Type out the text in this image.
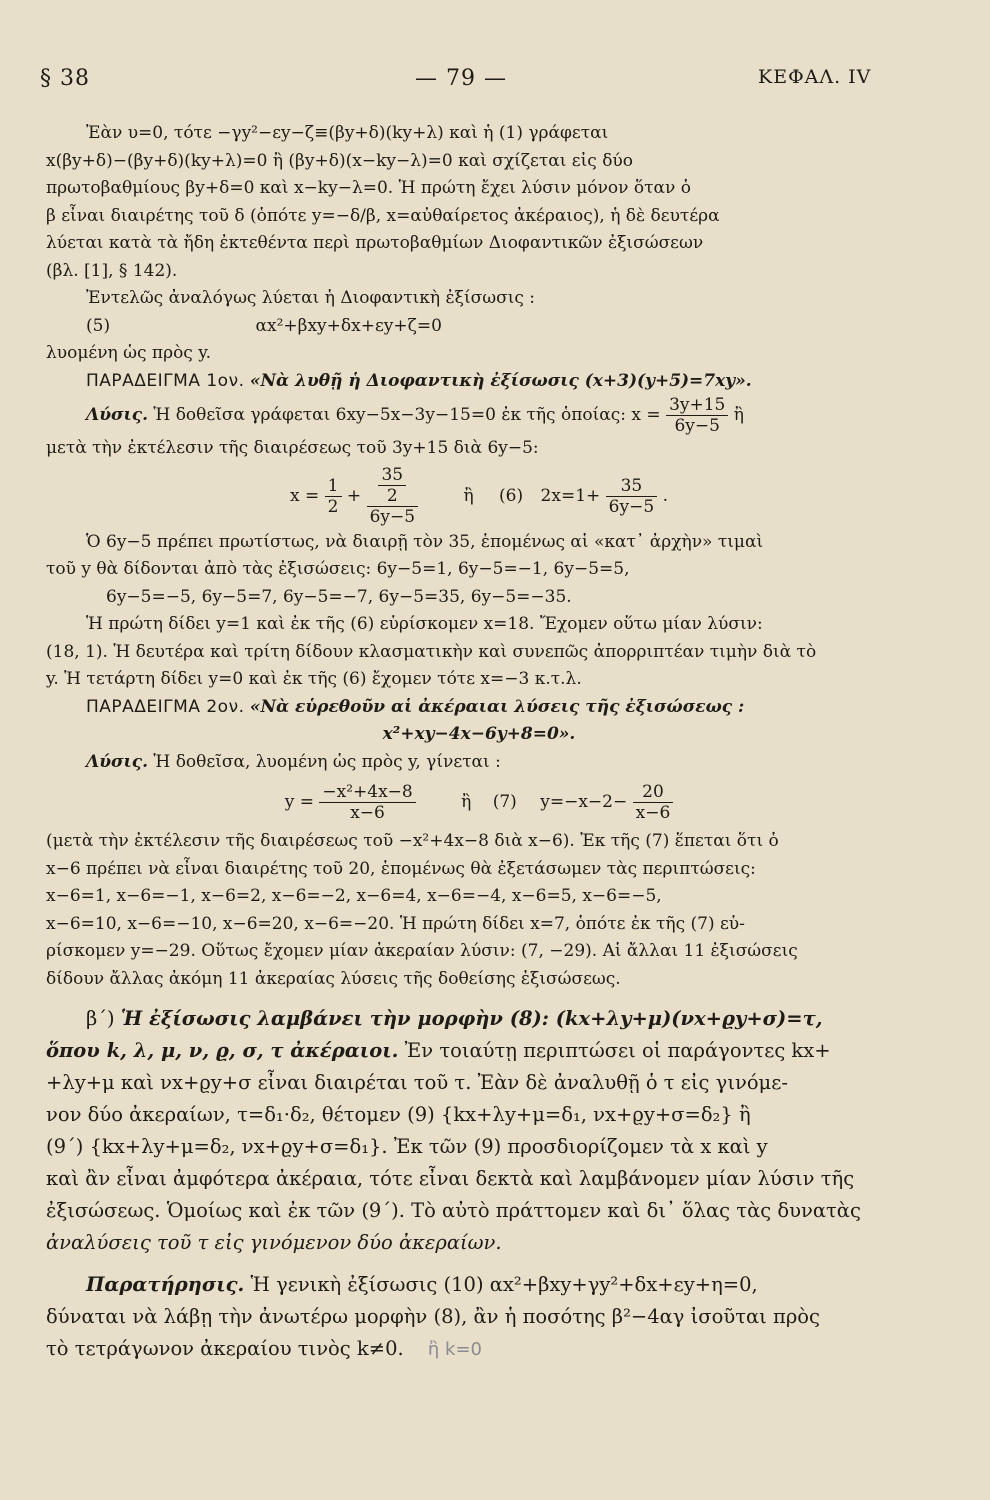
§ 38	— 79 —	ΚΕΦΑΛ. IV
Ἐὰν υ=0, τότε −γy²−εy−ζ≡(βy+δ)(ky+λ) καὶ ἡ (1) γράφεται
x(βy+δ)−(βy+δ)(ky+λ)=0 ἢ (βy+δ)(x−ky−λ)=0 καὶ σχίζεται εἰς δύο
πρωτοβαθμίους βy+δ=0 καὶ x−ky−λ=0. Ἡ πρώτη ἔχει λύσιν μόνον ὅταν ὁ
β εἶναι διαιρέτης τοῦ δ (ὁπότε y=−δ/β, x=αὐθαίρετος ἀκέραιος), ἡ δὲ δευτέρα
λύεται κατὰ τὰ ἤδη ἐκτεθέντα περὶ πρωτοβαθμίων Διοφαντικῶν ἐξισώσεων
(βλ. [1], § 142).
Ἐντελῶς ἀναλόγως λύεται ἡ Διοφαντικὴ ἐξίσωσις :
(5)	αx²+βxy+δx+εy+ζ=0
λυομένη ὡς πρὸς y.
ΠΑΡΑΔΕΙΓΜΑ 1ον. «Νὰ λυθῇ ἡ Διοφαντικὴ ἐξίσωσις (x+3)(y+5)=7xy».
Λύσις. Ἡ δοθεῖσα γράφεται 6xy−5x−3y−15=0 ἐκ τῆς ὁποίας: $x = \frac{3y+15}{6y-5}$ ἢ
μετὰ τὴν ἐκτέλεσιν τῆς διαιρέσεως τοῦ 3y+15 διὰ 6y−5:
$x = \frac{1}{2} + \frac{\frac{35}{2}}{6y-5}$	ἢ (6) $2x=1+ \frac{35}{6y-5}$ .
Ὁ 6y−5 πρέπει πρωτίστως, νὰ διαιρῇ τὸν 35, ἑπομένως αἱ «κατ᾿ ἀρχὴν» τιμαὶ
τοῦ y θὰ δίδονται ἀπὸ τὰς ἐξισώσεις: 6y−5=1, 6y−5=−1, 6y−5=5,
6y−5=−5, 6y−5=7, 6y−5=−7, 6y−5=35, 6y−5=−35.
Ἡ πρώτη δίδει y=1 καὶ ἐκ τῆς (6) εὑρίσκομεν x=18. Ἔχομεν οὕτω μίαν λύσιν:
(18, 1). Ἡ δευτέρα καὶ τρίτη δίδουν κλασματικὴν καὶ συνεπῶς ἀπορριπτέαν τιμὴν διὰ τὸ
y. Ἡ τετάρτη δίδει y=0 καὶ ἐκ τῆς (6) ἔχομεν τότε x=−3 κ.τ.λ.
ΠΑΡΑΔΕΙΓΜΑ 2ον. «Νὰ εὑρεθοῦν αἱ ἀκέραιαι λύσεις τῆς ἐξισώσεως :
x²+xy−4x−6y+8=0».
Λύσις. Ἡ δοθεῖσα, λυομένη ὡς πρὸς y, γίνεται :
$y = \frac{\text{−x²+4x−8}}{x-6}$	ἢ (7) $y=-x-2- \frac{20}{x-6}$
(μετὰ τὴν ἐκτέλεσιν τῆς διαιρέσεως τοῦ −x²+4x−8 διὰ x−6). Ἐκ τῆς (7) ἕπεται ὅτι ὁ
x−6 πρέπει νὰ εἶναι διαιρέτης τοῦ 20, ἑπομένως θὰ ἐξετάσωμεν τὰς περιπτώσεις:
x−6=1, x−6=−1, x−6=2, x−6=−2, x−6=4, x−6=−4, x−6=5, x−6=−5,
x−6=10, x−6=−10, x−6=20, x−6=−20. Ἡ πρώτη δίδει x=7, ὁπότε ἐκ τῆς (7) εὑ-
ρίσκομεν y=−29. Οὕτως ἔχομεν μίαν ἀκεραίαν λύσιν: (7, −29). Αἱ ἄλλαι 11 ἐξισώσεις
δίδουν ἄλλας ἀκόμη 11 ἀκεραίας λύσεις τῆς δοθείσης ἐξισώσεως.
β´) Ἡ ἐξίσωσις λαμβάνει τὴν μορφὴν (8): (kx+λy+μ)(νx+ϱy+σ)=τ,
ὅπου k, λ, μ, ν, ϱ, σ, τ ἀκέραιοι. Ἐν τοιαύτῃ περιπτώσει οἱ παράγοντες kx+
+λy+μ καὶ νx+ϱy+σ εἶναι διαιρέται τοῦ τ. Ἐὰν δὲ ἀναλυθῇ ὁ τ εἰς γινόμε-
νον δύο ἀκεραίων, τ=δ₁·δ₂, θέτομεν (9) {kx+λy+μ=δ₁, νx+ϱy+σ=δ₂} ἢ
(9´) {kx+λy+μ=δ₂, νx+ϱy+σ=δ₁}. Ἐκ τῶν (9) προσδιορίζομεν τὰ x καὶ y
καὶ ἂν εἶναι ἀμφότερα ἀκέραια, τότε εἶναι δεκτὰ καὶ λαμβάνομεν μίαν λύσιν τῆς
ἐξισώσεως. Ὁμοίως καὶ ἐκ τῶν (9´). Τὸ αὐτὸ πράττομεν καὶ δι᾿ ὅλας τὰς δυνατὰς
ἀναλύσεις τοῦ τ εἰς γινόμενον δύο ἀκεραίων.
Παρατήρησις. Ἡ γενικὴ ἐξίσωσις (10) αx²+βxy+γy²+δx+εy+η=0,
δύναται νὰ λάβῃ τὴν ἀνωτέρω μορφὴν (8), ἂν ἡ ποσότης β²−4αγ ἰσοῦται πρὸς
τὸ τετράγωνον ἀκεραίου τινὸς k≠0. ἢ k=0
